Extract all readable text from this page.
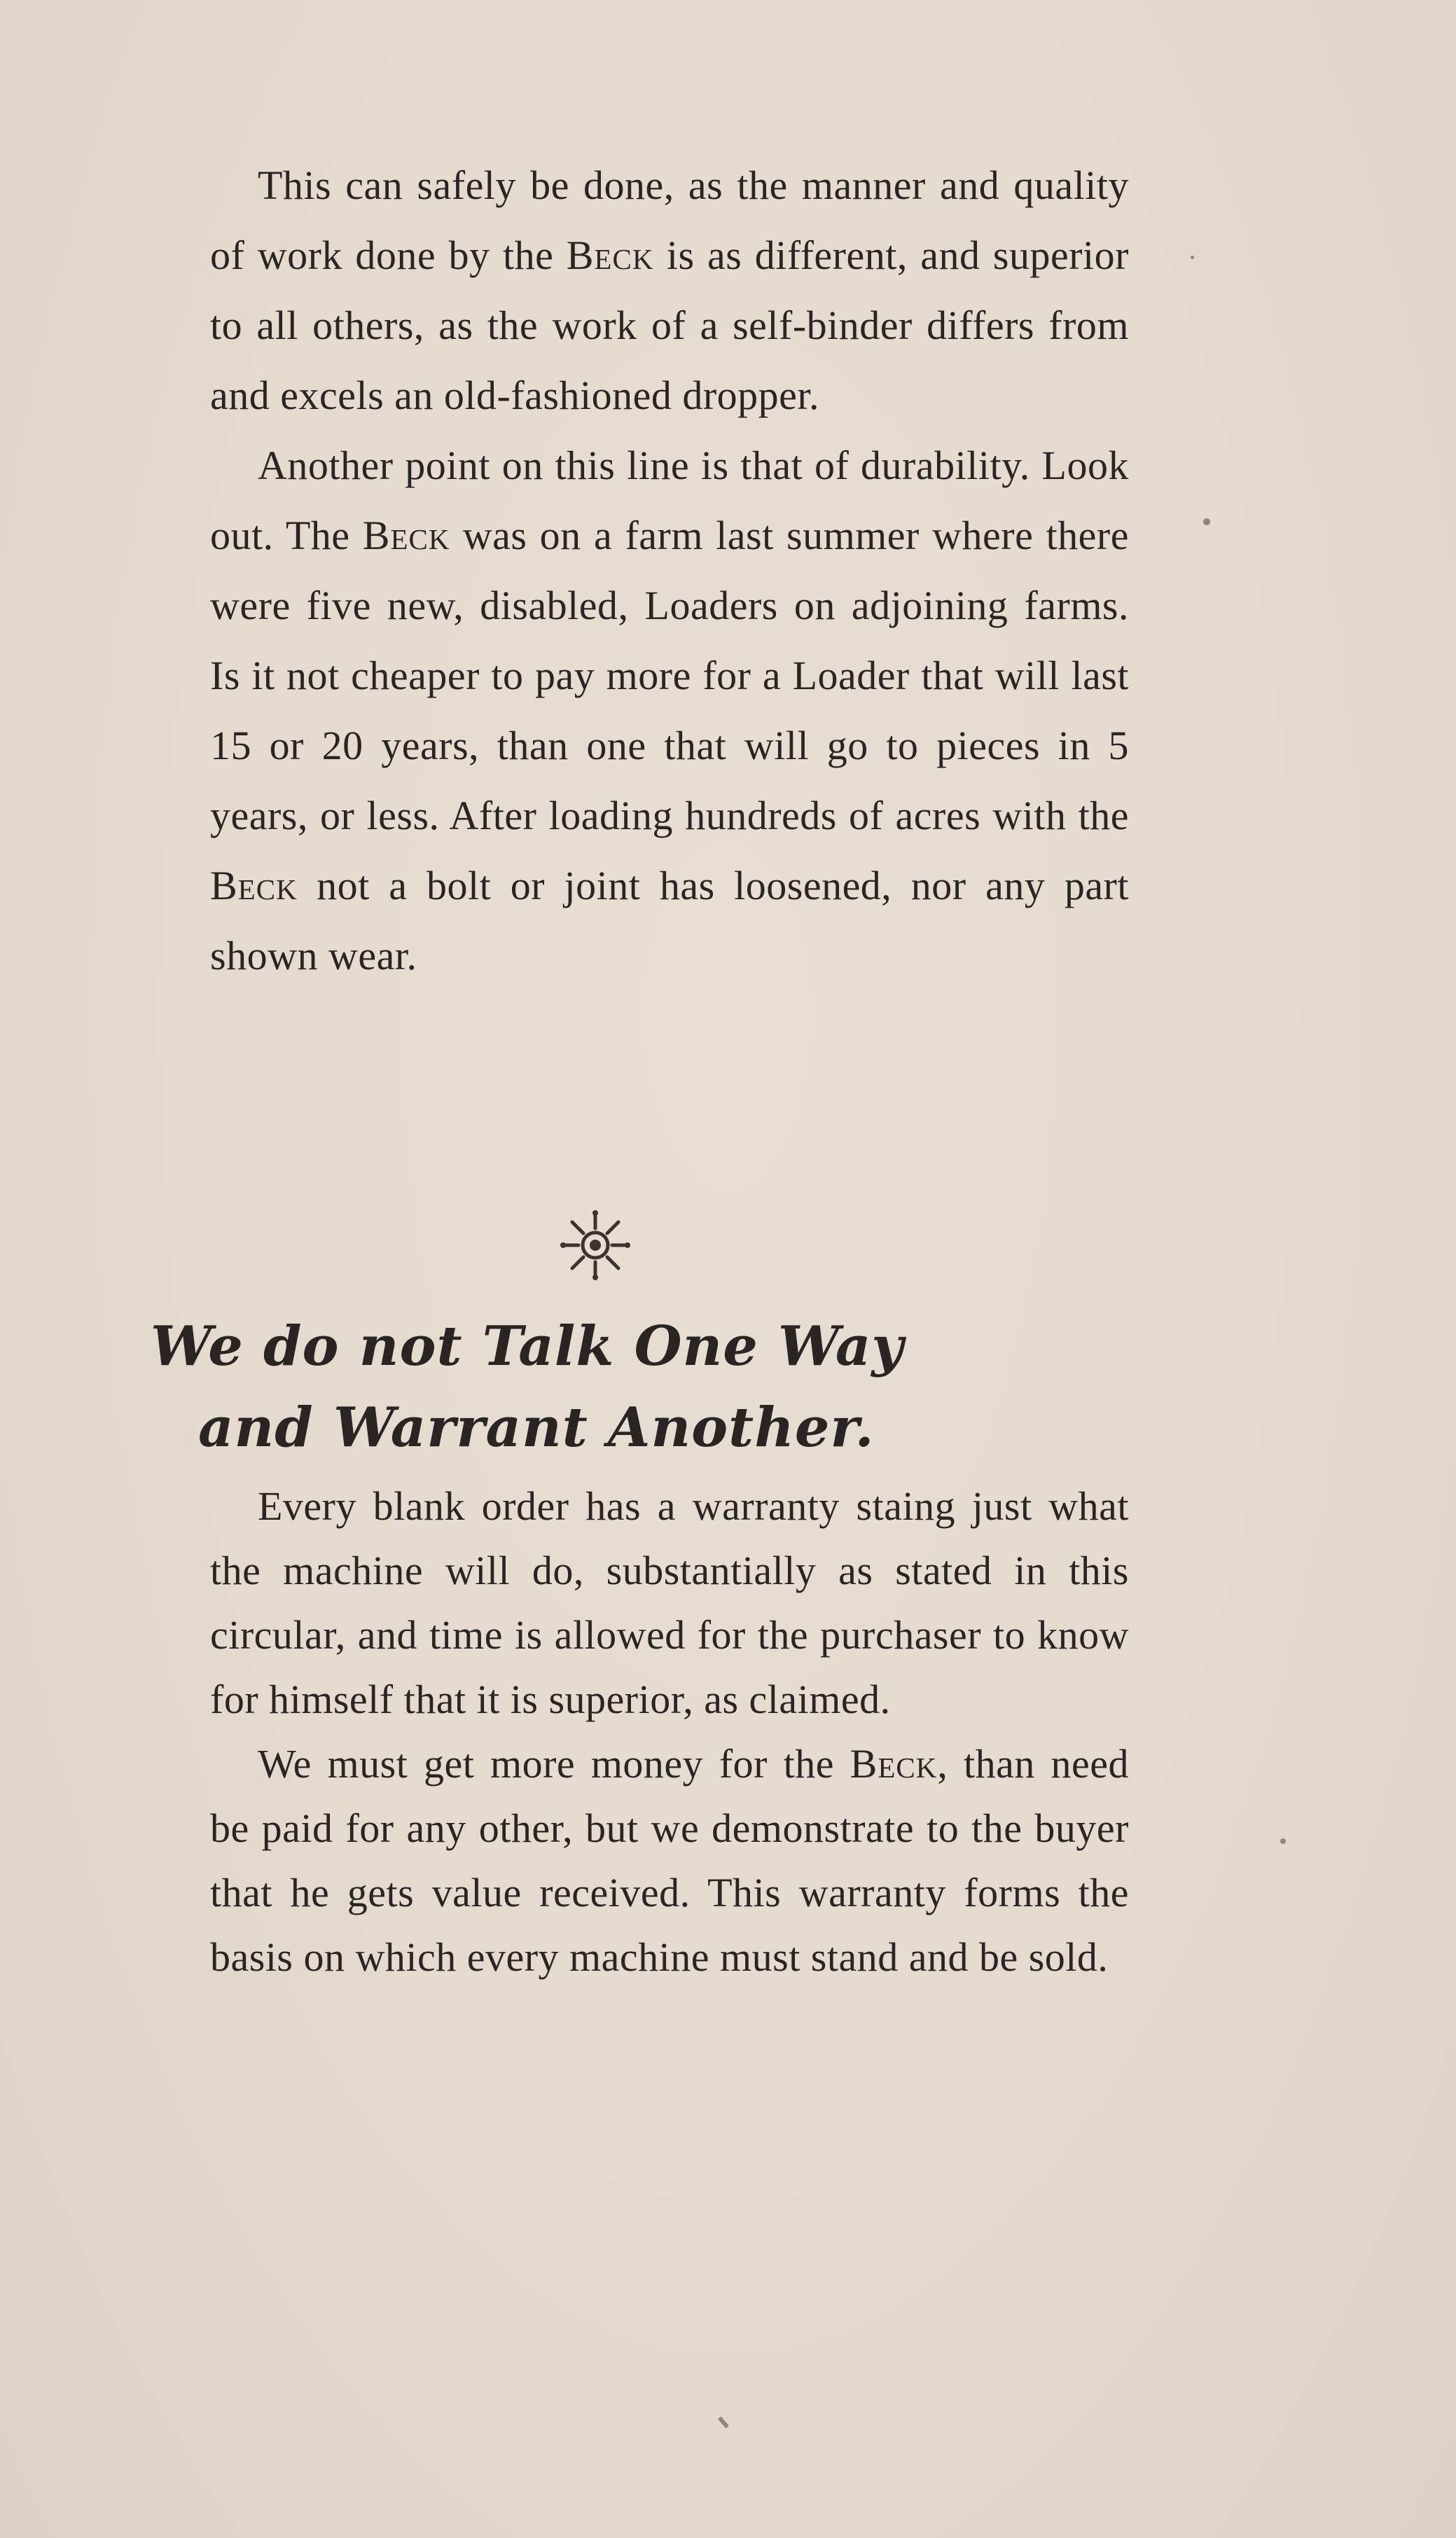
This can safely be done, as the manner and quality of work done by the Beck is as different, and superior to all others, as the work of a self-binder differs from and excels an old-fashioned dropper.

Another point on this line is that of durability. Look out. The Beck was on a farm last summer where there were five new, disabled, Loaders on adjoining farms. Is it not cheaper to pay more for a Loader that will last 15 or 20 years, than one that will go to pieces in 5 years, or less. After loading hundreds of acres with the Beck not a bolt or joint has loosened, nor any part shown wear.

We do not Talk One Way
and Warrant Another.

Every blank order has a warranty staing just what the machine will do, substantially as stated in this circular, and time is allowed for the purchaser to know for himself that it is superior, as claimed.

We must get more money for the Beck, than need be paid for any other, but we demonstrate to the buyer that he gets value received. This warranty forms the basis on which every machine must stand and be sold.
